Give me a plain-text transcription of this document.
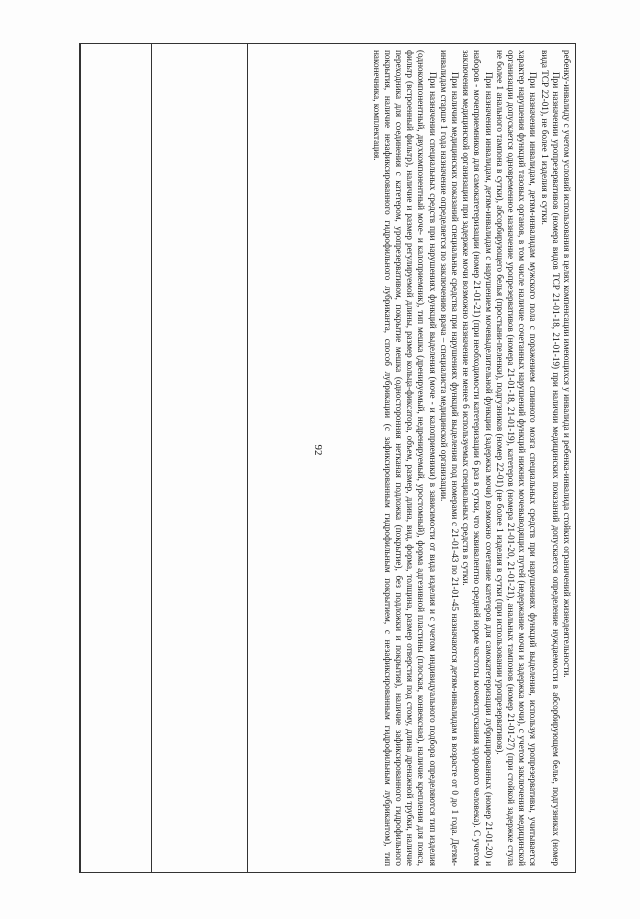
92	ребенку-инвалиду с учетом условий использования в целях компенсации имеющихся у инвалида и ребенка-инвалида стойких ограничений жизнедеятельности.

При назначении уропрезервативов (номера видов ТСР 21-01-18, 21-01-19) при наличии медицинских показаний допускается определение нуждаемости в абсорбирующем белье, подгузниках (номер вида ТСР 22-01), не более 1 изделия в сутки.

При назначении инвалидам, детям-инвалидам мужского пола с поражением спинного мозга специальных средств при нарушениях функций выделения, используя уропрезервативы, учитывается характер нарушения функций тазовых органов, в том числе наличие сочетанных нарушений функций нижних мочевыводящих путей (недержание мочи и задержка мочи), с учетом заключения медицинской организации допускается одновременное назначение уропрезервативов (номера 21-01-18, 21-01-19), катетеров (номера 21-01-20, 21-01-21), анальных тампонов (номер 21-01-27) (при стойкой задержке стула не более 1 анального тампона в сутки), абсорбирующего белья (простыни-пеленки), подгузников (номер 22-01) (не более 1 изделия в сутки (при использовании уропрезервативов).

При назначении инвалидам, детям-инвалидам с нарушением мочевыделительной функции (задержка мочи) возможно сочетание катетеров для самокатетеризации лубрицированных (номер 21-01-20) и наборов - мочеприемников для самокатетеризации (номер 21-01-21) (при необходимости катетеризации 6 раз в сутки, что эквивалентно средней норме частоты мочеиспускания здорового человека). С учетом заключения медицинской организации при задержке мочи возможно назначение не менее 6 используемых специальных средств в сутки.

При наличии медицинских показаний специальные средства при нарушениях функций выделения под номерами с 21-01-43 по 21-01-45 назначаются детям-инвалидам в возрасте от 0 до 1 года. Детям-инвалидам старше 1 года назначение определяется по заключению врача – специалиста медицинской организации.

При назначении специальных средств при нарушениях функций выделения (моче - и калоприемники) в зависимости от вида изделия и с учетом индивидуального подбора определяются тип изделия (однокомпонентный, двухкомпонентный моче- и калоприемник), тип мешка (дренируемый, недренируемый, уростомный), форма адгезивной пластины (плоская, конвексная), наличие крепления для пояса, фильтр (встроенный фильтр), наличие и размер регулируемой длины, размер кольца-фиксатора, объем, размер, длина, вид, форма, толщина, размер отверстия под стому, длина дренажной трубки, наличие переходника для соединения с катетером, уропрезервативом, покрытие мешка (односторонняя нетканая подложка (покрытие), без подложки и покрытия), наличие зафиксированного гидрофильного покрытия, наличие незафиксированного гидрофильного лубриканта, способ лубрикации (с зафиксированным гидрофильным покрытием, с незафиксированным гидрофильным лубрикантом), тип наконечника, комплектация.
